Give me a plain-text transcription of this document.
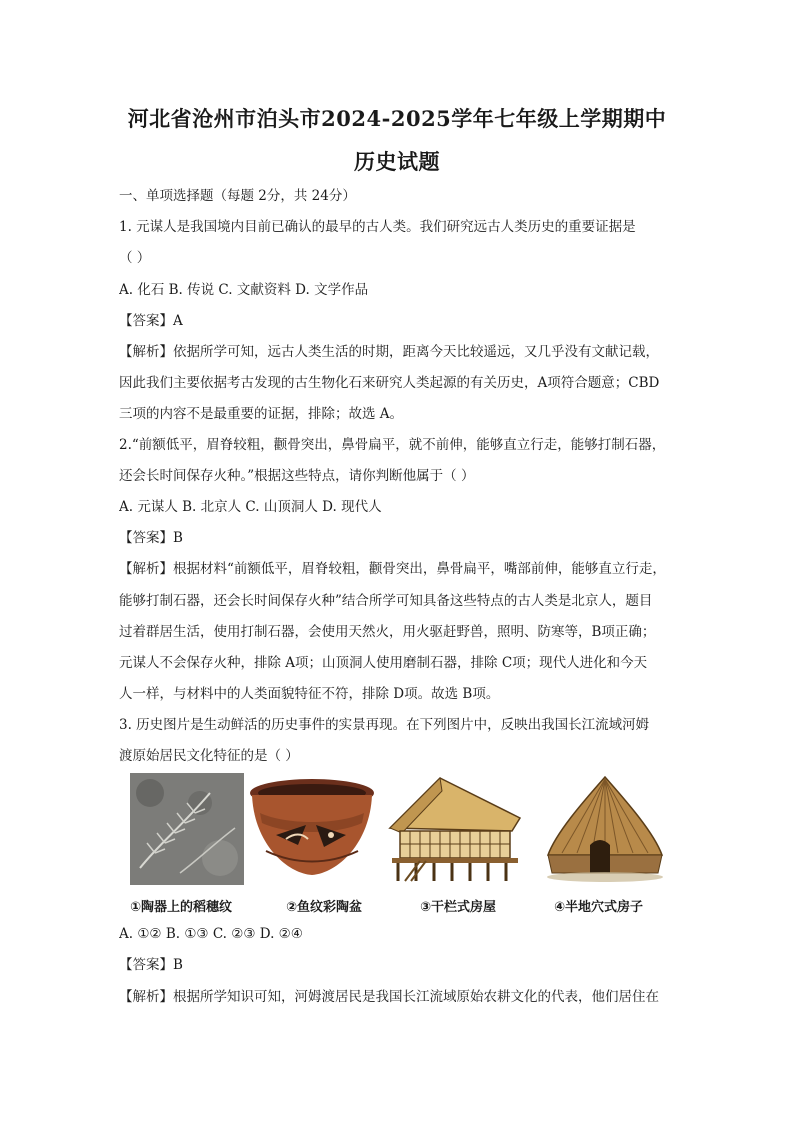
河北省沧州市泊头市2024-2025学年七年级上学期期中
历史试题
一、单项选择题（每题 2分，共 24分）
1. 元谋人是我国境内目前已确认的最早的古人类。我们研究远古人类历史的重要证据是
（ ）
A. 化石 B. 传说 C. 文献资料 D. 文学作品
【答案】A
【解析】依据所学可知，远古人类生活的时期，距离今天比较遥远，又几乎没有文献记载，
因此我们主要依据考古发现的古生物化石来研究人类起源的有关历史，A项符合题意；CBD
三项的内容不是最重要的证据，排除；故选 A。
2.“前额低平，眉脊较粗，颧骨突出，鼻骨扁平，就不前伸，能够直立行走，能够打制石器，
还会长时间保存火种。”根据这些特点，请你判断他属于（ ）
A. 元谋人 B. 北京人 C. 山顶洞人 D. 现代人
【答案】B
【解析】根据材料“前额低平，眉脊较粗，颧骨突出，鼻骨扁平，嘴部前伸，能够直立行走，
能够打制石器，还会长时间保存火种”结合所学可知具备这些特点的古人类是北京人，题目
过着群居生活，使用打制石器，会使用天然火，用火驱赶野兽，照明、防寒等，B项正确；
元谋人不会保存火种，排除 A项；山顶洞人使用磨制石器，排除 C项；现代人进化和今天
人一样，与材料中的人类面貌特征不符，排除 D项。故选 B项。
3. 历史图片是生动鲜活的历史事件的实景再现。在下列图片中，反映出我国长江流域河姆
渡原始居民文化特征的是（ ）
①陶器上的稻穗纹	②鱼纹彩陶盆	③干栏式房屋	④半地穴式房子
A. ①② B. ①③ C. ②③ D. ②④
【答案】B
【解析】根据所学知识可知，河姆渡居民是我国长江流域原始农耕文化的代表，他们居住在
